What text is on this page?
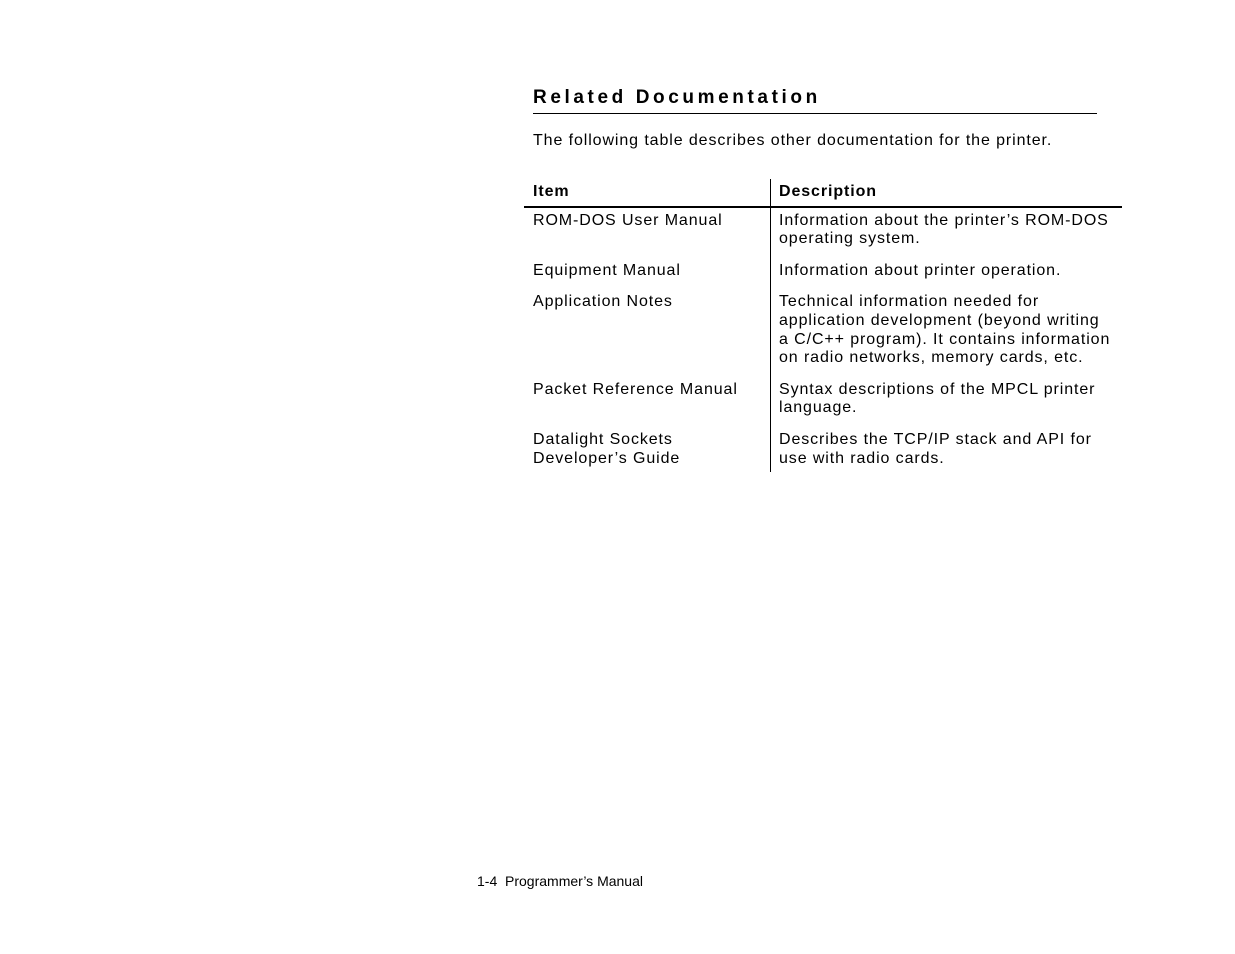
Related Documentation

The following table describes other documentation for the printer.

Item	Description
ROM-DOS User Manual	Information about the printer’s ROM-DOS operating system.
Equipment Manual	Information about printer operation.
Application Notes	Technical information needed for application development (beyond writing a C/C++ program). It contains information on radio networks, memory cards, etc.
Packet Reference Manual	Syntax descriptions of the MPCL printer language.
Datalight Sockets Developer’s Guide	Describes the TCP/IP stack and API for use with radio cards.
1-4  Programmer’s Manual
